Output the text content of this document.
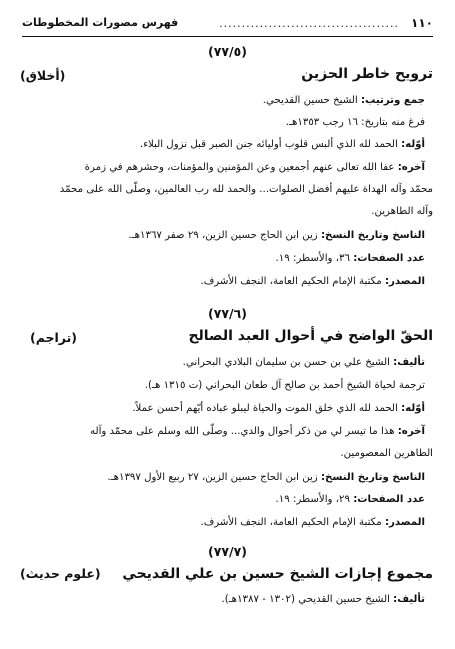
١١٠
........................................
فهرس مصورات المخطوطات
(٧٧/٥)
ترويح خاطر الحزين
(أخلاق)
جمع وترتيب: الشيخ حسين القديحي.
فرغ منه بتاريخ: ١٦ رجب ١٣٥٣هـ.
أوّله: الحمد لله الذي ألبس قلوب أوليائه جنن الصبر قبل نزول البلاء.
آخره: عفا الله تعالى عنهم أجمعين وعن المؤمنين والمؤمنات، وحشرهم في زمرة
محمّد وآله الهداة عليهم أفضل الصلوات... والحمد لله رب العالمين، وصلّى الله على محمّد
وآله الطاهرين.
الناسخ وتاريخ النسخ: زين ابن الحاج حسين الزين، ٢٩ صفر ١٣٦٧هـ.
عدد الصفحات: ٣٦، والأسطر: ١٩.
المصدر: مكتبة الإمام الحكيم العامة، النجف الأشرف.
(٧٧/٦)
الحقّ الواضح في أحوال العبد الصالح
(تراجم)
تأليف: الشيخ علي بن حسن بن سليمان البلادي البحراني.
ترجمة لحياة الشيخ أحمد بن صالح آل طعان البحراني (ت ١٣١٥ هـ).
أوّله: الحمد لله الذي خلق الموت والحياة ليبلو عباده أيّهم أحسن عملاً.
آخره: هذا ما تيسر لي من ذكر أحوال والدي... وصلّى الله وسلم على محمّد وآله
الطاهرين المعصومين.
الناسخ وتاريخ النسخ: زين ابن الحاج حسين الزين، ٢٧ ربيع الأول ١٣٩٧هـ.
عدد الصفحات: ٢٩، والأسطر: ١٩.
المصدر: مكتبة الإمام الحكيم العامة، النجف الأشرف.
(٧٧/٧)
مجموع إجازات الشيخ حسين بن علي القديحي
(علوم حديث)
تأليف: الشيخ حسين القديحي (١٣٠٢ - ١٣٨٧هـ).
